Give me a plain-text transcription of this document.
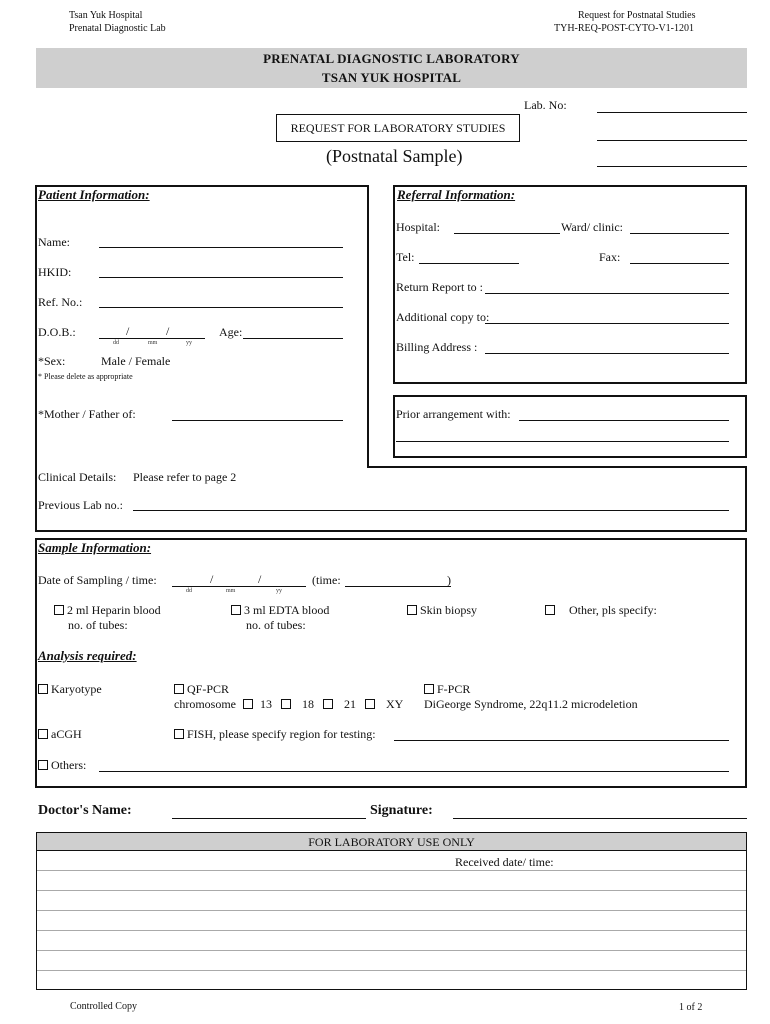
Tsan Yuk Hospital
Prenatal Diagnostic Lab
Request for Postnatal Studies
TYH-REQ-POST-CYTO-V1-1201
PRENATAL DIAGNOSTIC LABORATORY
TSAN YUK HOSPITAL
Lab. No:
REQUEST FOR LABORATORY STUDIES
(Postnatal Sample)
Patient Information:
Name:
HKID:
Ref. No.:
D.O.B.:	/	/
dd	mm	yy
Age:
*Sex:	Male / Female
* Please delete as appropriate
*Mother / Father of:
Clinical Details: Please refer to page 2
Previous Lab no.:
Referral Information:
Hospital:	Ward/ clinic:
Tel:	Fax:
Return Report to :
Additional copy to:
Billing Address :
Prior arrangement with:
Sample Information:
Date of Sampling / time:	/	/	(time:	)
dd	mm	yy
2 ml Heparin blood
no. of tubes:
3 ml EDTA blood
no. of tubes:
Skin biopsy	Other, pls specify:
Analysis required:
Karyotype	QF-PCR
chromosome 13	18	21	XY
F-PCR
DiGeorge Syndrome, 22q11.2 microdeletion
aCGH	FISH, please specify region for testing:
Others:
Doctor's Name:	Signature:
FOR LABORATORY USE ONLY
Received date/ time:
Controlled Copy	1 of 2
